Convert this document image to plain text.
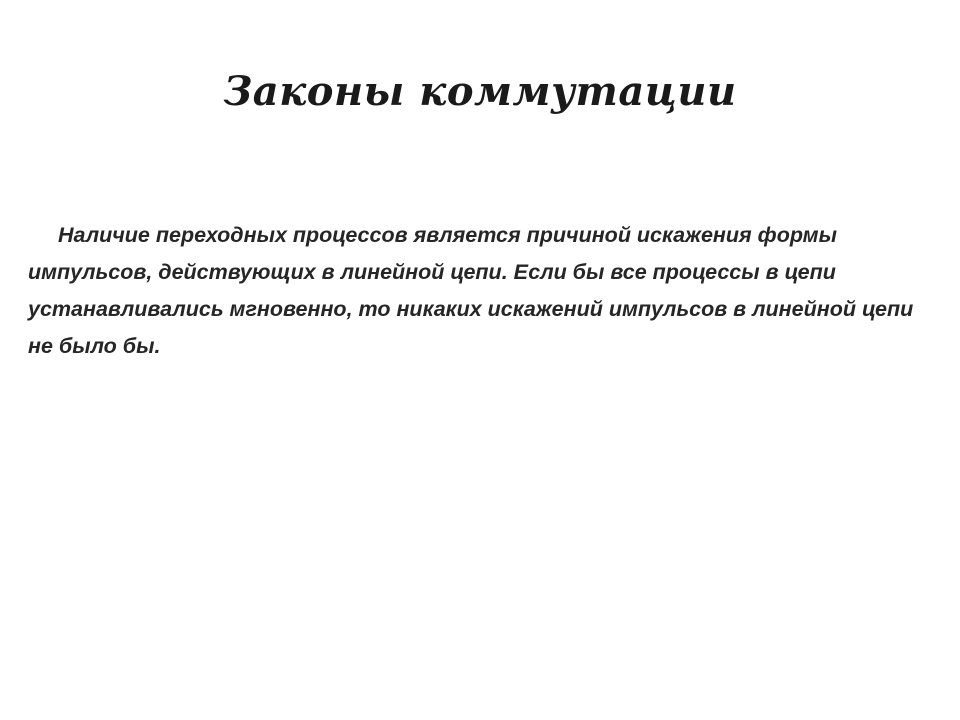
Законы коммутации

Наличие переходных процессов является причиной искажения формы импульсов, действующих в линейной цепи. Если бы все процессы в цепи устанавливались мгновенно, то никаких искажений импульсов в линейной цепи не было бы.
